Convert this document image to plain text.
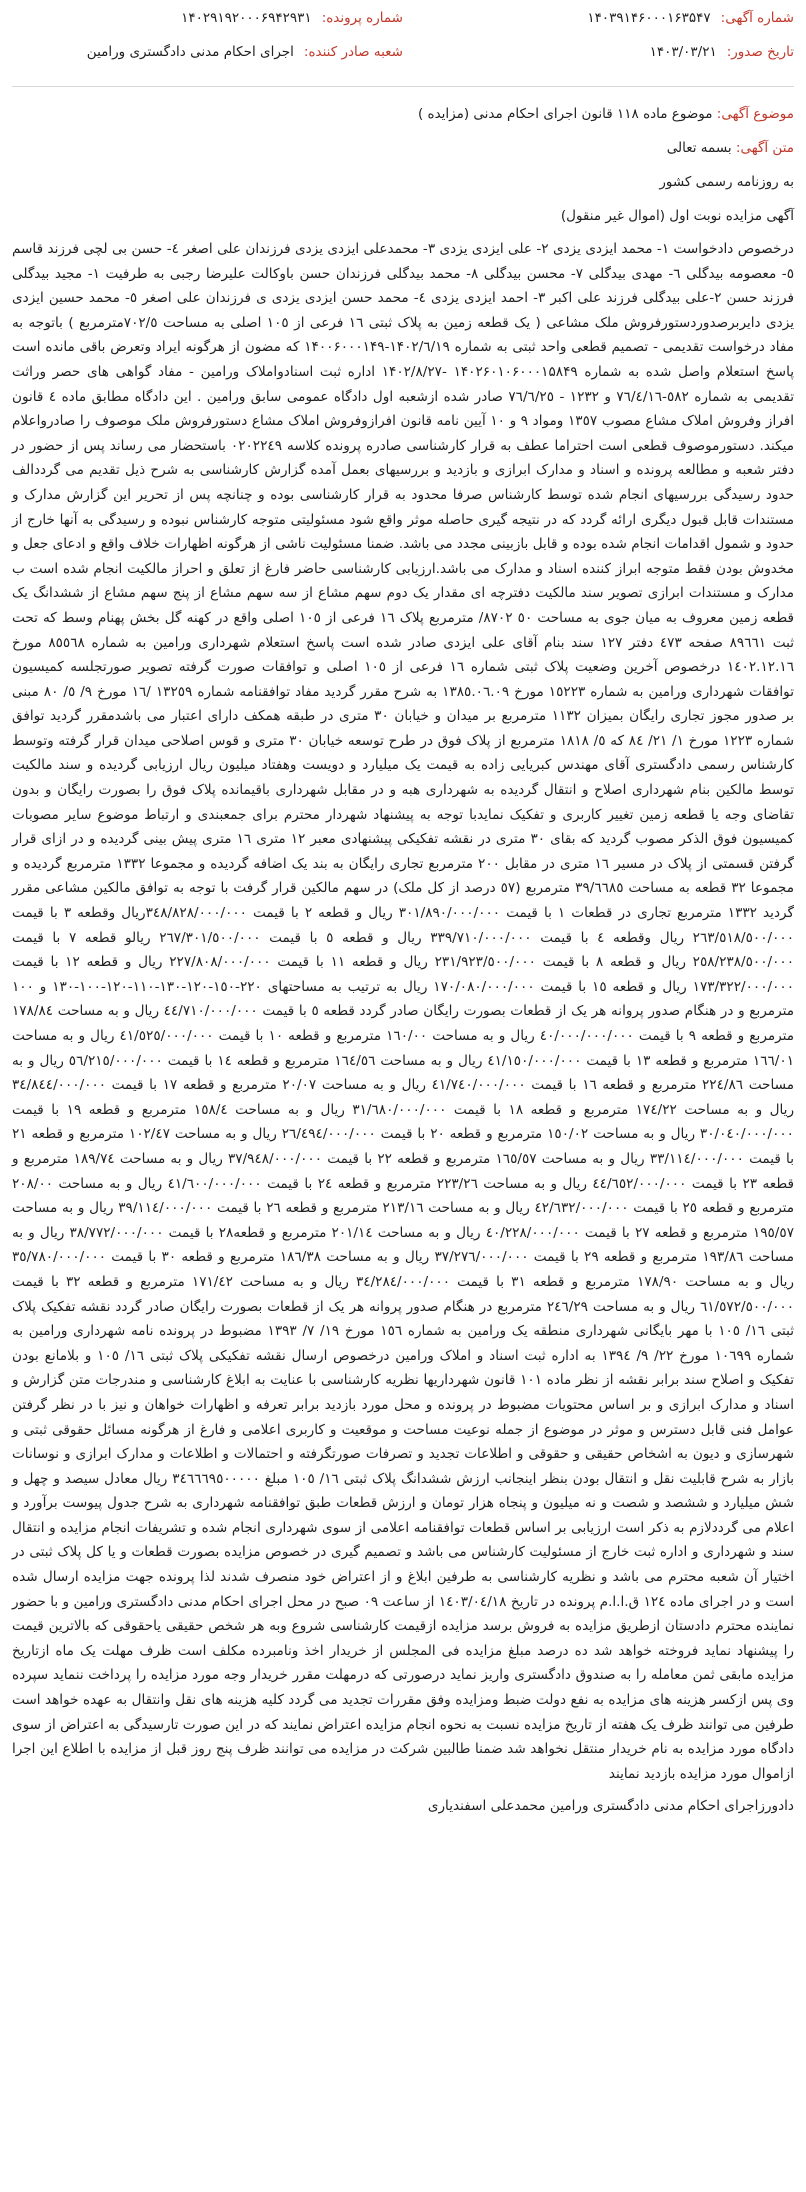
شماره آگهی:
۱۴۰۳۹۱۴۶۰۰۰۱۶۳۵۴۷
شماره پرونده:
۱۴۰۲۹۱۹۲۰۰۰۶۹۴۲۹۳۱
تاریخ صدور:
۱۴۰۳/۰۳/۲۱
شعبه صادر کننده:
اجرای احکام مدنی دادگستری ورامین
موضوع آگهی: موضوع ماده ۱۱۸ قانون اجرای احکام مدنی (مزایده )
متن آگهی: بسمه تعالی
به روزنامه رسمی کشور
آگهی مزایده نوبت اول (اموال غیر منقول)

درخصوص دادخواست ۱- محمد ایزدی یزدی ۲- علی ایزدی یزدی ۳- محمدعلی ایزدی یزدی فرزندان علی اصغر ٤- حسن بی لچی فرزند قاسم ٥- معصومه بیدگلی ٦- مهدی بیدگلی ۷- محسن بیدگلی ۸- محمد بیدگلی فرزندان حسن باوکالت علیرضا رجبی به طرفیت ۱- مجید بیدگلی فرزند حسن ۲-علی بیدگلی فرزند علی اکبر ۳- احمد ایزدی یزدی ٤- محمد حسن ایزدی یزدی ی فرزندان علی اصغر ٥- محمد حسین ایزدی یزدی دایربرصدوردستورفروش ملک مشاعی ( یک قطعه زمین به پلاک ثبتی ۱٦ فرعی از ۱۰٥ اصلی به مساحت ۷۰۲/٥مترمربع ) باتوجه به مفاد درخواست تقدیمی - تصمیم قطعی واحد ثبتی به شماره ۱۴۰۲/٦/۱۹-۱۴۰۰۶۰۰۰۱۴۹ که مضون از هرگونه ایراد وتعرض باقی مانده است پاسخ استعلام واصل شده به شماره ۱۴۰۲۶۰۱۰۶۰۰۰۱۵۸۴۹ -۱۴۰۲/۸/۲۷ اداره ثبت اسنادواملاک ورامین - مفاد گواهی های حصر وراثت تقدیمی به شماره ٥٨٢-٧٦/٤/١٦ و ١٢٣٢ - ٧٦/٦/٢٥ صادر شده ازشعبه اول دادگاه عمومی سابق ورامین . این دادگاه مطابق ماده ٤ قانون افراز وفروش املاک مشاع مصوب ١٣٥٧ ومواد ٩ و ١٠ آیین نامه قانون افرازوفروش املاک مشاع دستورفروش ملک موصوف را صادرواعلام میکند. دستورموصوف قطعی است احتراما عطف به قرار کارشناسی صادره پرونده کلاسه ٠٢٠٢٢٤٩ باستحضار می رساند پس از حضور در دفتر شعبه و مطالعه پرونده و اسناد و مدارک ابرازی و بازدید و بررسیهای بعمل آمده گزارش کارشناسی به شرح ذیل تقدیم می گرددالف حدود رسیدگی بررسیهای انجام شده توسط کارشناس صرفا محدود به قرار کارشناسی بوده و چنانچه پس از تحریر این گزارش مدارک و مستندات قابل قبول دیگری ارائه گردد که در نتیجه گیری حاصله موثر واقع شود مسئولیتی متوجه کارشناس نبوده و رسیدگی به آنها خارج از حدود و شمول اقدامات انجام شده بوده و قابل بازبینی مجدد می باشد. ضمنا مسئولیت ناشی از هرگونه اظهارات خلاف واقع و ادعای جعل و مخدوش بودن فقط متوجه ابراز کننده اسناد و مدارک می باشد.ارزیابی کارشناسی حاضر فارغ از تعلق و احراز مالکیت انجام شده است ب مدارک و مستندات ابرازی تصویر سند مالکیت دفترچه ای مقدار یک دوم سهم مشاع از سه سهم مشاع از پنج سهم مشاع از ششدانگ یک قطعه زمین معروف به میان جوی به مساحت ٥٠ ٨٧٠٢/ مترمربع پلاک ١٦ فرعی از ١٠٥ اصلی واقع در کهنه گل بخش پهنام وسط که تحت ثبت ٨٩٦٦١ صفحه ٤٧٣ دفتر ١٢٧ سند بنام آقای علی ایزدی صادر شده است پاسخ استعلام شهرداری ورامین به شماره ٨٥٥٦٨ مورخ ١٤٠٢.١٢.١٦ درخصوص آخرین وضعیت پلاک ثبتی شماره ١٦ فرعی از ١٠٥ اصلی و توافقات صورت گرفته تصویر صورتجلسه کمیسیون توافقات شهرداری ورامین به شماره ١٥٢٢٣ مورخ ١٣٨٥.٠٦.٠٩ به شرح مقرر گردید مفاد توافقنامه شماره ١٣٢٥٩ /١٦ مورخ ٩/ ٥/ ٨٠ مبنی بر صدور مجوز تجاری رایگان بمیزان ١١٣٢ مترمربع بر میدان و خیابان ٣٠ متری در طبقه همکف دارای اعتبار می باشدمقرر گردید توافق شماره ١٢٢٣ مورخ ١/ ٢١/ ٨٤ که ٥/ ١٨١٨ مترمربع از پلاک فوق در طرح توسعه خیابان ٣٠ متری و قوس اصلاحی میدان قرار گرفته وتوسط کارشناس رسمی دادگستری آقای مهندس کبریایی زاده به قیمت یک میلیارد و دویست وهفتاد میلیون ریال ارزیابی گردیده و سند مالکیت توسط مالکین بنام شهرداری اصلاح و انتقال گردیده به شهرداری هبه و در مقابل شهرداری باقیمانده پلاک فوق را بصورت رایگان و بدون تقاضای وجه یا قطعه زمین تغییر کاربری و تفکیک نمایدبا توجه به پیشنهاد شهردار محترم برای جمعبندی و ارتباط موضوع سایر مصوبات کمیسیون فوق الذکر مصوب گردید که بقای ٣٠ متری در نقشه تفکیکی پیشنهادی معبر ١٢ متری ١٦ متری پیش بینی گردیده و در ازای قرار گرفتن قسمتی از پلاک در مسیر ١٦ متری در مقابل ٢٠٠ مترمربع تجاری رایگان به بند یک اضافه گردیده و مجموعا ١٣٣٢ مترمربع گردیده و مجموعا ٣٢ قطعه به مساحت ٣٩/٦٦٨٥ مترمربع (٥٧ درصد از کل ملک) در سهم مالکین قرار گرفت با توجه به توافق مالکین مشاعی مقرر گردید ١٣٣٢ مترمربع تجاری در قطعات ١ با قیمت ٣٠١/٨٩٠/٠٠٠/٠٠٠ ریال و قطعه ٢ با قیمت ٣٤٨/٨٢٨/٠٠٠/٠٠٠ریال وقطعه ٣ با قیمت ٢٦٣/٥١٨/٥٠٠/٠٠٠ ریال وقطعه ٤ با قیمت ٣٣٩/٧١٠/٠٠٠/٠٠٠ ریال و قطعه ٥ با قیمت ٢٦٧/٣٠١/٥٠٠/٠٠٠ ریالو قطعه ٧ با قیمت ٢٥٨/٢٣٨/٥٠٠/٠٠٠ ریال و قطعه ٨ با قیمت ٢٣١/٩٢٣/٥٠٠/٠٠٠ ریال و قطعه ١١ با قیمت ٢٢٧/٨٠٨/٠٠٠/٠٠٠ ریال و قطعه ١٢ با قیمت ١٧٣/٣٢٢/٠٠٠/٠٠٠ ریال و قطعه ١٥ با قیمت ١٧٠/٠٨٠/٠٠٠/٠٠٠ ریال به ترتیب به مساحتهای ٢٢٠-١٥٠-١٢٠-١٣٠-١١٠-١٢٠-١٠٠-١٣٠ و ١٠٠ مترمربع و در هنگام صدور پروانه هر یک از قطعات بصورت رایگان صادر گردد قطعه ٥ با قیمت ٤٤/٧١٠/٠٠٠/٠٠٠ ریال و به مساحت ١٧٨/٨٤ مترمربع و قطعه ٩ با قیمت ٤٠/٠٠٠/٠٠٠/٠٠٠ ریال و به مساحت ١٦٠/٠٠ مترمربع و قطعه ١٠ با قیمت ٤١/٥٢٥/٠٠٠/٠٠٠ ریال و به مساحت ١٦٦/٠١ مترمربع و قطعه ١٣ با قیمت ٤١/١٥٠/٠٠٠/٠٠٠ ریال و به مساحت ١٦٤/٥٦ مترمربع و قطعه ١٤ با قیمت ٥٦/٢١٥/٠٠٠/٠٠٠ ریال و به مساحت ٢٢٤/٨٦ مترمربع و قطعه ١٦ با قیمت ٤١/٧٤٠/٠٠٠/٠٠٠ ریال و به مساحت ٢٠/٠٧ مترمربع و قطعه ١٧ با قیمت ٣٤/٨٤٤/٠٠٠/٠٠٠ ریال و به مساحت ١٧٤/٢٢ مترمربع و قطعه ١٨ با قیمت ٣١/٦٨٠/٠٠٠/٠٠٠ ریال و به مساحت ١٥٨/٤ مترمربع و قطعه ١٩ با قیمت ٣٠/٠٤٠/٠٠٠/٠٠٠ ریال و به مساحت ١٥٠/٠٢ مترمربع و قطعه ٢٠ با قیمت ٢٦/٤٩٤/٠٠٠/٠٠٠ ریال و به مساحت ١٠٢/٤٧ مترمربع و قطعه ٢١ با قیمت ٣٣/١١٤/٠٠٠/٠٠٠ ریال و به مساحت ١٦٥/٥٧ مترمربع و قطعه ٢٢ با قیمت ٣٧/٩٤٨/٠٠٠/٠٠٠ ریال و به مساحت ١٨٩/٧٤ مترمربع و قطعه ٢٣ با قیمت ٤٤/٦٥٢/٠٠٠/٠٠٠ ریال و به مساحت ٢٢٣/٢٦ مترمربع و قطعه ٢٤ با قیمت ٤١/٦٠٠/٠٠٠/٠٠٠ ریال و به مساحت ٢٠٨/٠٠ مترمربع و قطعه ٢٥ با قیمت ٤٢/٦٣٢/٠٠٠/٠٠٠ ریال و به مساحت ٢١٣/١٦ مترمربع و قطعه ٢٦ با قیمت ٣٩/١١٤/٠٠٠/٠٠٠ ریال و به مساحت ١٩٥/٥٧ مترمربع و قطعه ٢٧ با قیمت ٤٠/٢٢٨/٠٠٠/٠٠٠ ریال و به مساحت ٢٠١/١٤ مترمربع و قطعه٢٨ با قیمت ٣٨/٧٧٢/٠٠٠/٠٠٠ ریال و به مساحت ١٩٣/٨٦ مترمربع و قطعه ٢٩ با قیمت ٣٧/٢٧٦/٠٠٠/٠٠٠ ریال و به مساحت ١٨٦/٣٨ مترمربع و قطعه ٣٠ با قیمت ٣٥/٧٨٠/٠٠٠/٠٠٠ ریال و به مساحت ١٧٨/٩٠ مترمربع و قطعه ٣١ با قیمت ٣٤/٢٨٤/٠٠٠/٠٠٠ ریال و به مساحت ١٧١/٤٢ مترمربع و قطعه ٣٢ با قیمت ٦١/٥٧٢/٥٠٠/٠٠٠ ریال و به مساحت ٢٤٦/٢٩ مترمربع در هنگام صدور پروانه هر یک از قطعات بصورت رایگان صادر گردد نقشه تفکیک پلاک ثبتی ١٦/ ١٠٥ با مهر بایگانی شهرداری منطقه یک ورامین به شماره ١٥٦ مورخ ١٩/ ٧/ ١٣٩٣ مضبوط در پرونده نامه شهرداری ورامین به شماره ١٠٦٩٩ مورخ ٢٢/ ٩/ ١٣٩٤ به اداره ثبت اسناد و املاک ورامین درخصوص ارسال نقشه تفکیکی پلاک ثبتی ١٦/ ١٠٥ و بلامانع بودن تفکیک و اصلاح سند برابر نقشه از نظر ماده ١٠١ قانون شهرداریها نظریه کارشناسی با عنایت به ابلاغ کارشناسی و مندرجات متن گزارش و اسناد و مدارک ابرازی و بر اساس محتویات مضبوط در پرونده و محل مورد بازدید برابر تعرفه و اظهارات خواهان و نیز با در نظر گرفتن عوامل فنی قابل دسترس و موثر در موضوع از جمله نوعیت مساحت و موقعیت و کاربری اعلامی و فارغ از هرگونه مسائل حقوقی ثبتی و شهرسازی و دیون به اشخاص حقیقی و حقوقی و اطلاعات تجدید و تصرفات صورتگرفته و احتمالات و اطلاعات و مدارک ابرازی و نوسانات بازار به شرح قابلیت نقل و انتقال بودن بنظر اینجانب ارزش ششدانگ پلاک ثبتی ١٦/ ١٠٥ مبلغ ٣٤٦٦٦٩٥٠٠٠٠٠ ریال معادل سیصد و چهل و شش میلیارد و ششصد و شصت و نه میلیون و پنجاه هزار تومان و ارزش قطعات طبق توافقنامه شهرداری به شرح جدول پیوست برآورد و اعلام می گرددلازم به ذکر است ارزیابی بر اساس قطعات توافقنامه اعلامی از سوی شهرداری انجام شده و تشریفات انجام مزایده و انتقال سند و شهرداری و اداره ثبت خارج از مسئولیت کارشناس می باشد و تصمیم گیری در خصوص مزایده بصورت قطعات و یا کل پلاک ثبتی در اختیار آن شعبه محترم می باشد و نظریه کارشناسی به طرفین ابلاغ و از اعتراض خود منصرف شدند لذا پرونده جهت مزایده ارسال شده است و در اجرای ماده ١٢٤ ق.ا.ا.م پرونده در تاریخ ١٤٠٣/٠٤/١٨ از ساعت ٠٩ صبح در محل اجرای احکام مدنی دادگستری ورامین و با حضور نماینده محترم دادستان ازطریق مزایده به فروش برسد مزایده ازقیمت کارشناسی شروع وبه هر شخص حقیقی یاحقوقی که بالاترین قیمت را پیشنهاد نماید فروخته خواهد شد ده درصد مبلغ مزایده فی المجلس از خریدار اخذ ونامبرده مکلف است ظرف مهلت یک ماه ازتاریخ مزایده مابقی ثمن معامله را به صندوق دادگستری واریز نماید درصورتی که درمهلت مقرر خریدار وجه مورد مزایده را پرداخت ننماید سپرده وی پس ازکسر هزینه های مزایده به نفع دولت ضبط ومزایده وفق مقررات تجدید می گردد کلیه هزینه های نقل وانتقال به عهده خواهد است طرفین می توانند ظرف یک هفته از تاریخ مزایده نسبت به نحوه انجام مزایده اعتراض نمایند که در این صورت تارسیدگی به اعتراض از سوی دادگاه مورد مزایده به نام خریدار منتقل نخواهد شد ضمنا طالبین شرکت در مزایده می توانند ظرف پنج روز قبل از مزایده با اطلاع این اجرا ازاموال مورد مزایده بازدید نمایند

دادورزاجرای احکام مدنی دادگستری ورامین محمدعلی اسفندیاری
